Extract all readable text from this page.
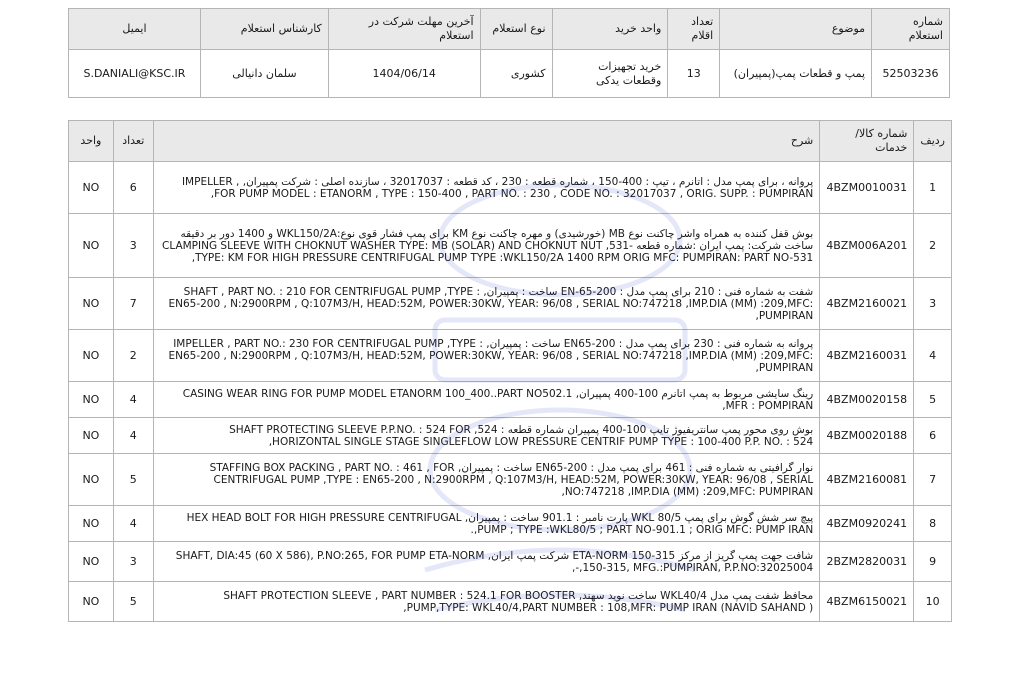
شماره استعلام	موضوع	تعداد اقلام	واحد خرید	نوع استعلام	آخرین مهلت شرکت در استعلام	کارشناس استعلام	ایمیل
52503236	پمپ و قطعات پمپ(پمپیران)	13	خرید تجهیزات وقطعات یدکی	کشوری	1404/06/14	سلمان دانیالی	S.DANIALI@KSC.IR
ردیف	شماره کالا/خدمات	شرح	تعداد	واحد
1	4BZM0010031	پروانه ، برای پمپ مدل : اتانرم ، تیپ : 400-150 ، شماره قطعه : 230 ، کد قطعه : 32017037 ، سازنده اصلی : شرکت پمپیران, IMPELLER , FOR PUMP MODEL : ETANORM , TYPE : 150-400 , PART NO. : 230 , CODE NO. : 32017037 , ORIG. SUPP. : PUMPIRAN,	6	NO
2	4BZM006A201	بوش قفل کننده به همراه واشر چاکنت نوع MB (خورشیدی) و مهره چاکنت نوع KM برای پمپ فشار قوی نوع:WKL150/2A و 1400 دور بر دقیقه ساخت شرکت: پمپ ایران :شماره قطعه -531, CLAMPING SLEEVE WITH CHOKNUT WASHER TYPE: MB (SOLAR) AND CHOKNUT NUT TYPE: KM FOR HIGH PRESSURE CENTRIFUGAL PUMP TYPE :WKL150/2A 1400 RPM ORIG MFC: PUMPIRAN: PART NO-531,	3	NO
3	4BZM2160021	شفت به شماره فنی : 210 برای پمپ مدل : EN-65-200 ساخت : پمپیران, SHAFT , PART NO. : 210 FOR CENTRIFUGAL PUMP ,TYPE : EN65-200 , N:2900RPM , Q:107M3/H, HEAD:52M, POWER:30KW, YEAR: 96/08 , SERIAL NO:747218 ,IMP.DIA (MM) :209,MFC: PUMPIRAN,	7	NO
4	4BZM2160031	پروانه به شماره فنی : 230 برای پمپ مدل : EN65-200 ساخت : پمپیران, IMPELLER , PART NO.: 230 FOR CENTRIFUGAL PUMP ,TYPE : EN65-200 , N:2900RPM , Q:107M3/H, HEAD:52M, POWER:30KW, YEAR: 96/08 , SERIAL NO:747218 ,IMP.DIA (MM) :209,MFC: PUMPIRAN,	2	NO
5	4BZM0020158	رینگ سایشی مربوط به پمپ اتانرم 100-400 پمپیران, CASING WEAR RING FOR PUMP MODEL ETANORM 100_400..PART NO502.1 MFR : POMPIRAN,	4	NO
6	4BZM0020188	بوش روی محور پمپ سانتریفیوژ تایپ 100-400 پمپیران شماره قطعه : 524, SHAFT PROTECTING SLEEVE P.P.NO. : 524 FOR HORIZONTAL SINGLE STAGE SINGLEFLOW LOW PRESSURE CENTRIF PUMP TYPE : 100-400 P.P. NO. : 524,	4	NO
7	4BZM2160081	نوار گرافیتی به شماره فنی : 461 برای پمپ مدل : EN65-200 ساخت : پمپیران, STAFFING BOX PACKING , PART NO. : 461 , FOR CENTRIFUGAL PUMP ,TYPE : EN65-200 , N:2900RPM , Q:107M3/H, HEAD:52M, POWER:30KW, YEAR: 96/08 , SERIAL NO:747218 ,IMP.DIA (MM) :209,MFC: PUMPIRAN,	5	NO
8	4BZM0920241	پیچ سر شش گوش برای پمپ WKL 80/5 پارت نامبر : 901.1 ساخت : پمپیران, HEX HEAD BOLT FOR HIGH PRESSURE CENTRIFUGAL PUMP ; TYPE :WKL80/5 ; PART NO-901.1 ; ORIG MFC: PUMP IRAN,.	4	NO
9	2BZM2820031	شافت جهت پمپ گریز از مرکز ETA-NORM 150-315 شرکت پمپ ایران, SHAFT, DIA:45 (60 X 586), P.NO:265, FOR PUMP ETA-NORM 150-315, MFG.:PUMPIRAN, P.P.NO:32025004,-,	3	NO
10	4BZM6150021	محافظ شفت پمپ مدل WKL40/4 ساخت نوید سهند, SHAFT PROTECTION SLEEVE , PART NUMBER : 524.1 FOR BOOSTER PUMP,TYPE: WKL40/4,PART NUMBER : 108,MFR: PUMP IRAN (NAVID SAHAND ),	5	NO
